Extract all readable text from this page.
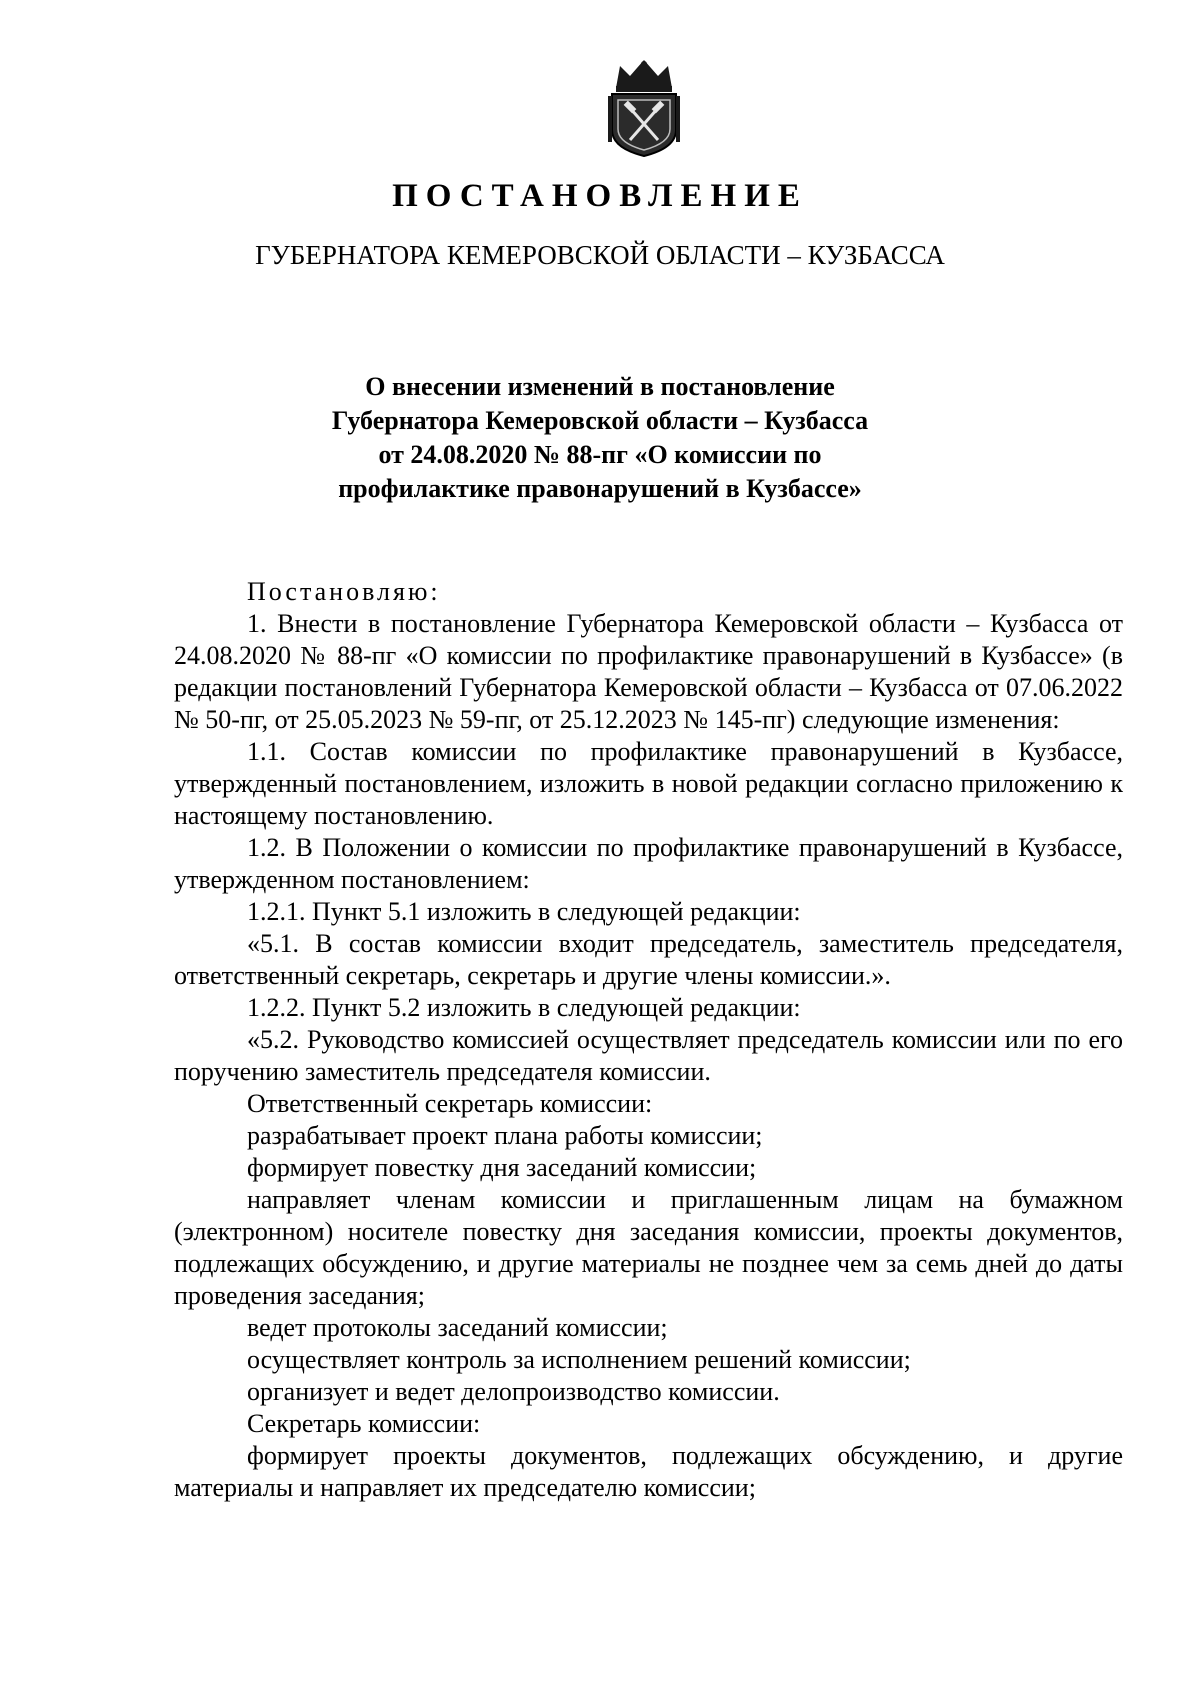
ПОСТАНОВЛЕНИЕ
ГУБЕРНАТОРА КЕМЕРОВСКОЙ ОБЛАСТИ – КУЗБАССА
О внесении изменений в постановление
Губернатора Кемеровской области – Кузбасса
от 24.08.2020 № 88-пг «О комиссии по
профилактике правонарушений в Кузбассе»

Постановляю:

1. Внести в постановление Губернатора Кемеровской области – Кузбасса от 24.08.2020 № 88-пг «О комиссии по профилактике правонарушений в Кузбассе» (в редакции постановлений Губернатора Кемеровской области – Кузбасса от 07.06.2022 № 50-пг, от 25.05.2023 № 59-пг, от 25.12.2023 № 145-пг) следующие изменения:

1.1. Состав комиссии по профилактике правонарушений в Кузбассе, утвержденный постановлением, изложить в новой редакции согласно приложению к настоящему постановлению.

1.2. В Положении о комиссии по профилактике правонарушений в Кузбассе, утвержденном постановлением:

1.2.1. Пункт 5.1 изложить в следующей редакции:

«5.1. В состав комиссии входит председатель, заместитель председателя, ответственный секретарь, секретарь и другие члены комиссии.».

1.2.2. Пункт 5.2 изложить в следующей редакции:

«5.2. Руководство комиссией осуществляет председатель комиссии или по его поручению заместитель председателя комиссии.

Ответственный секретарь комиссии:

разрабатывает проект плана работы комиссии;

формирует повестку дня заседаний комиссии;

направляет членам комиссии и приглашенным лицам на бумажном (электронном) носителе повестку дня заседания комиссии, проекты документов, подлежащих обсуждению, и другие материалы не позднее чем за семь дней до даты проведения заседания;

ведет протоколы заседаний комиссии;

осуществляет контроль за исполнением решений комиссии;

организует и ведет делопроизводство комиссии.

Секретарь комиссии:

формирует проекты документов, подлежащих обсуждению, и другие материалы и направляет их председателю комиссии;
